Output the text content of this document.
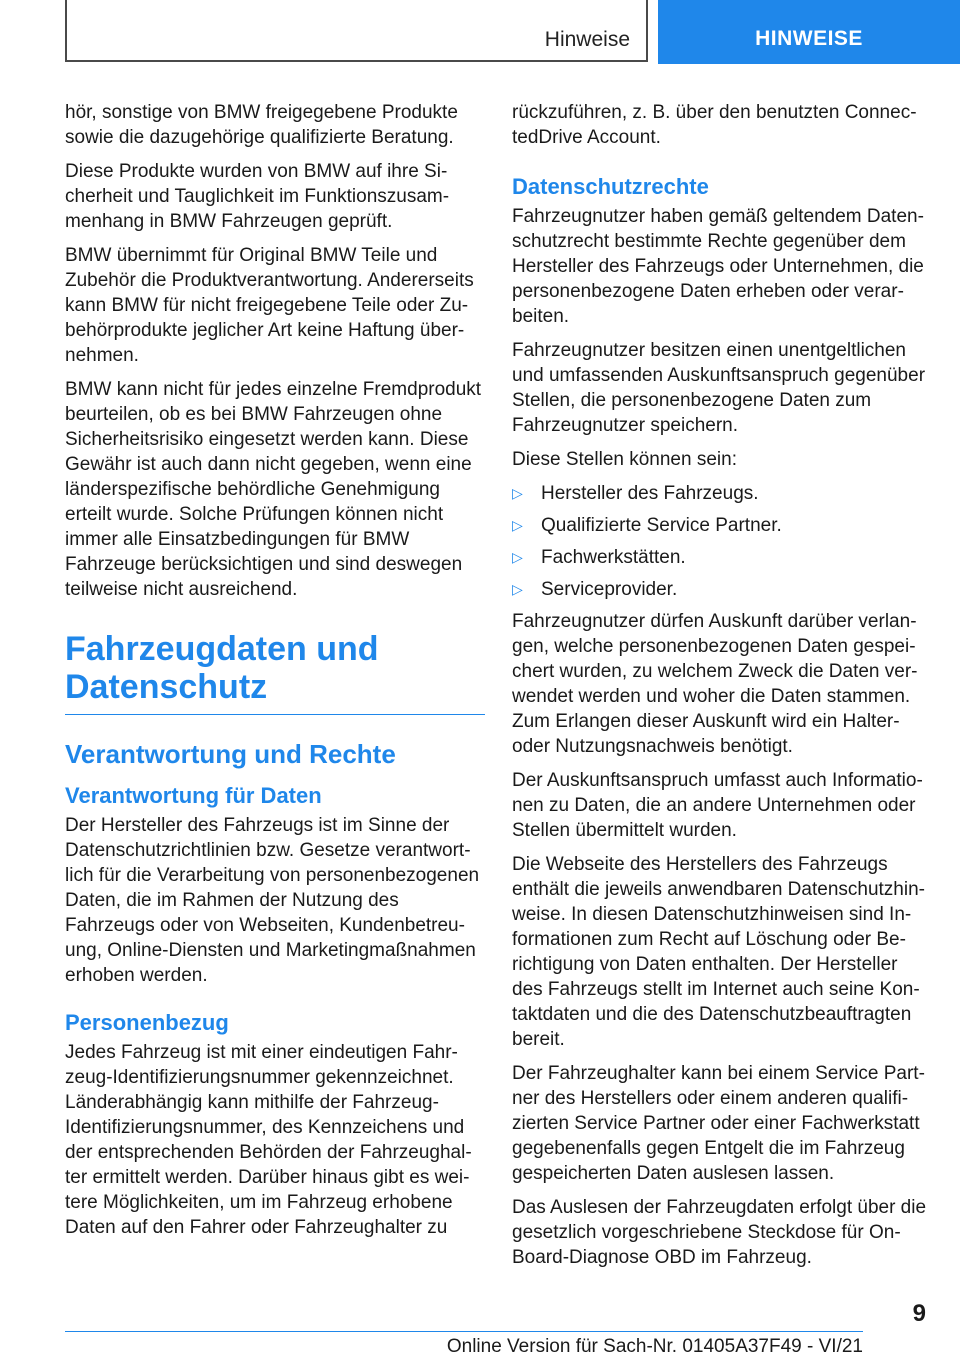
Hinweise	HINWEISE

hör, sonstige von BMW freigegebene Produkte sowie die dazugehörige qualifizierte Beratung.

Diese Produkte wurden von BMW auf ihre Sicherheit und Tauglichkeit im Funktionszusammenhang in BMW Fahrzeugen geprüft.

BMW übernimmt für Original BMW Teile und Zubehör die Produktverantwortung. Andererseits kann BMW für nicht freigegebene Teile oder Zubehörprodukte jeglicher Art keine Haftung übernehmen.

BMW kann nicht für jedes einzelne Fremdprodukt beurteilen, ob es bei BMW Fahrzeugen ohne Sicherheitsrisiko eingesetzt werden kann. Diese Gewähr ist auch dann nicht gegeben, wenn eine länderspezifische behördliche Genehmigung erteilt wurde. Solche Prüfungen können nicht immer alle Einsatzbedingungen für BMW Fahrzeuge berücksichtigen und sind deswegen teilweise nicht ausreichend.

Fahrzeugdaten und Datenschutz
Verantwortung und Rechte
Verantwortung für Daten

Der Hersteller des Fahrzeugs ist im Sinne der Datenschutzrichtlinien bzw. Gesetze verantwortlich für die Verarbeitung von personenbezogenen Daten, die im Rahmen der Nutzung des Fahrzeugs oder von Webseiten, Kundenbetreuung, Online-Diensten und Marketingmaßnahmen erhoben werden.

Personenbezug

Jedes Fahrzeug ist mit einer eindeutigen Fahrzeug-Identifizierungsnummer gekennzeichnet. Länderabhängig kann mithilfe der Fahrzeug-Identifizierungsnummer, des Kennzeichens und der entsprechenden Behörden der Fahrzeughalter ermittelt werden. Darüber hinaus gibt es weitere Möglichkeiten, um im Fahrzeug erhobene Daten auf den Fahrer oder Fahrzeughalter zu

rückzuführen, z. B. über den benutzten ConnectedDrive Account.

Datenschutzrechte

Fahrzeugnutzer haben gemäß geltendem Datenschutzrecht bestimmte Rechte gegenüber dem Hersteller des Fahrzeugs oder Unternehmen, die personenbezogene Daten erheben oder verarbeiten.

Fahrzeugnutzer besitzen einen unentgeltlichen und umfassenden Auskunftsanspruch gegenüber Stellen, die personenbezogene Daten zum Fahrzeugnutzer speichern.

Diese Stellen können sein:

▷ Hersteller des Fahrzeugs.
▷ Qualifizierte Service Partner.
▷ Fachwerkstätten.
▷ Serviceprovider.

Fahrzeugnutzer dürfen Auskunft darüber verlangen, welche personenbezogenen Daten gespeichert wurden, zu welchem Zweck die Daten verwendet werden und woher die Daten stammen. Zum Erlangen dieser Auskunft wird ein Halter- oder Nutzungsnachweis benötigt.

Der Auskunftsanspruch umfasst auch Informationen zu Daten, die an andere Unternehmen oder Stellen übermittelt wurden.

Die Webseite des Herstellers des Fahrzeugs enthält die jeweils anwendbaren Datenschutzhinweise. In diesen Datenschutzhinweisen sind Informationen zum Recht auf Löschung oder Berichtigung von Daten enthalten. Der Hersteller des Fahrzeugs stellt im Internet auch seine Kontaktdaten und die des Datenschutzbeauftragten bereit.

Der Fahrzeughalter kann bei einem Service Partner des Herstellers oder einem anderen qualifizierten Service Partner oder einer Fachwerkstatt gegebenenfalls gegen Entgelt die im Fahrzeug gespeicherten Daten auslesen lassen.

Das Auslesen der Fahrzeugdaten erfolgt über die gesetzlich vorgeschriebene Steckdose für On-Board-Diagnose OBD im Fahrzeug.

9
Online Version für Sach-Nr. 01405A37F49 - VI/21
